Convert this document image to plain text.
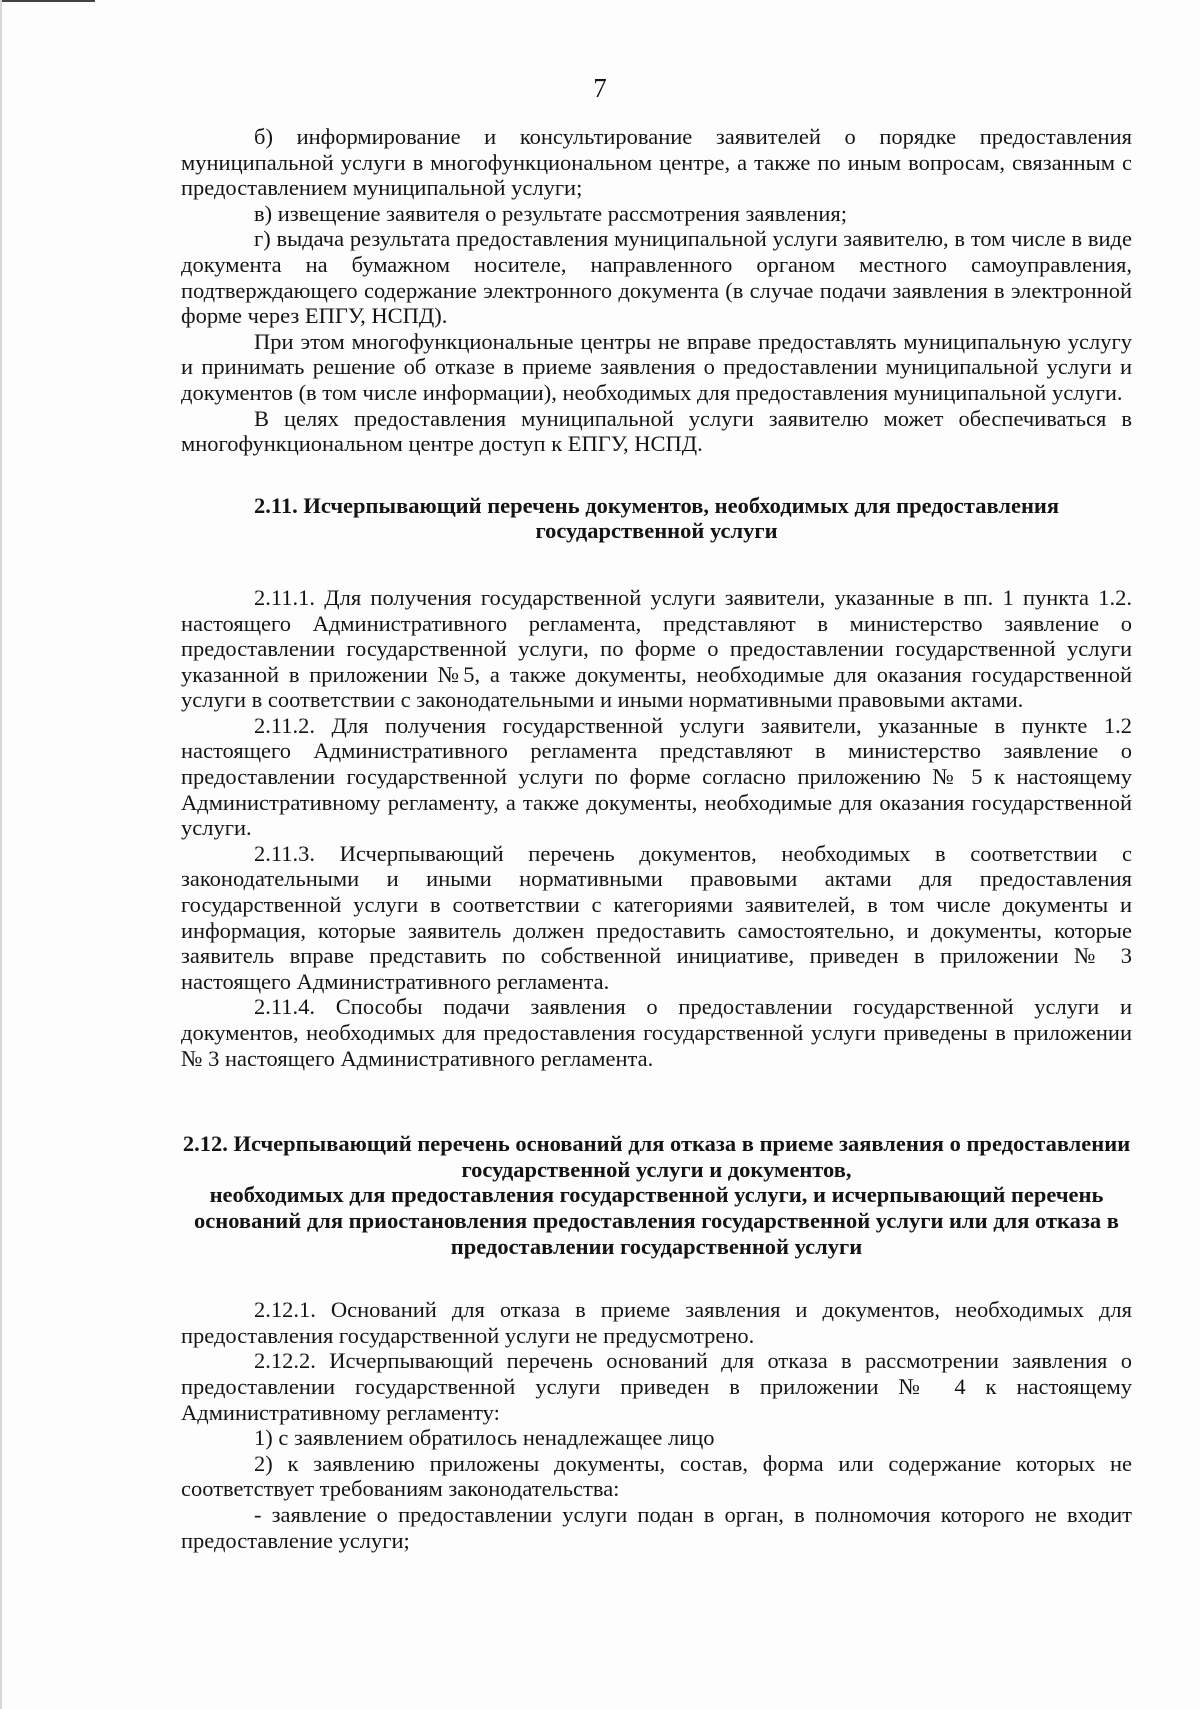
7

б) информирование и консультирование заявителей о порядке предоставления муниципальной услуги в многофункциональном центре, а также по иным вопросам, связанным с предоставлением муниципальной услуги;

в) извещение заявителя о результате рассмотрения заявления;

г) выдача результата предоставления муниципальной услуги заявителю, в том числе в виде документа на бумажном носителе, направленного органом местного самоуправления, подтверждающего содержание электронного документа (в случае подачи заявления в электронной форме через ЕПГУ, НСПД).

При этом многофункциональные центры не вправе предоставлять муниципальную услугу и принимать решение об отказе в приеме заявления о предоставлении муниципальной услуги и документов (в том числе информации), необходимых для предоставления муниципальной услуги.

В целях предоставления муниципальной услуги заявителю может обеспечиваться в многофункциональном центре доступ к ЕПГУ, НСПД.

2.11. Исчерпывающий перечень документов, необходимых для предоставления государственной услуги

2.11.1. Для получения государственной услуги заявители, указанные в пп. 1 пункта 1.2. настоящего Административного регламента, представляют в министерство заявление о предоставлении государственной услуги, по форме о предоставлении государственной услуги указанной в приложении №5, а также документы, необходимые для оказания государственной услуги в соответствии с законодательными и иными нормативными правовыми актами.

2.11.2. Для получения государственной услуги заявители, указанные в пункте 1.2 настоящего Административного регламента представляют в министерство заявление о предоставлении государственной услуги по форме согласно приложению № 5 к настоящему Административному регламенту, а также документы, необходимые для оказания государственной услуги.

2.11.3. Исчерпывающий перечень документов, необходимых в соответствии с законодательными и иными нормативными правовыми актами для предоставления государственной услуги в соответствии с категориями заявителей, в том числе документы и информация, которые заявитель должен предоставить самостоятельно, и документы, которые заявитель вправе представить по собственной инициативе, приведен в приложении № 3 настоящего Административного регламента.

2.11.4. Способы подачи заявления о предоставлении государственной услуги и документов, необходимых для предоставления государственной услуги приведены в приложении № 3 настоящего Административного регламента.

2.12. Исчерпывающий перечень оснований для отказа в приеме заявления о предоставлении государственной услуги и документов,
необходимых для предоставления государственной услуги, и исчерпывающий перечень оснований для приостановления предоставления государственной услуги или для отказа в предоставлении государственной услуги

2.12.1. Оснований для отказа в приеме заявления и документов, необходимых для предоставления государственной услуги не предусмотрено.

2.12.2. Исчерпывающий перечень оснований для отказа в рассмотрении заявления о предоставлении государственной услуги приведен в приложении № 4 к настоящему Административному регламенту:

1) с заявлением обратилось ненадлежащее лицо

2) к заявлению приложены документы, состав, форма или содержание которых не соответствует требованиям законодательства:

- заявление о предоставлении услуги подан в орган, в полномочия которого не входит предоставление услуги;
